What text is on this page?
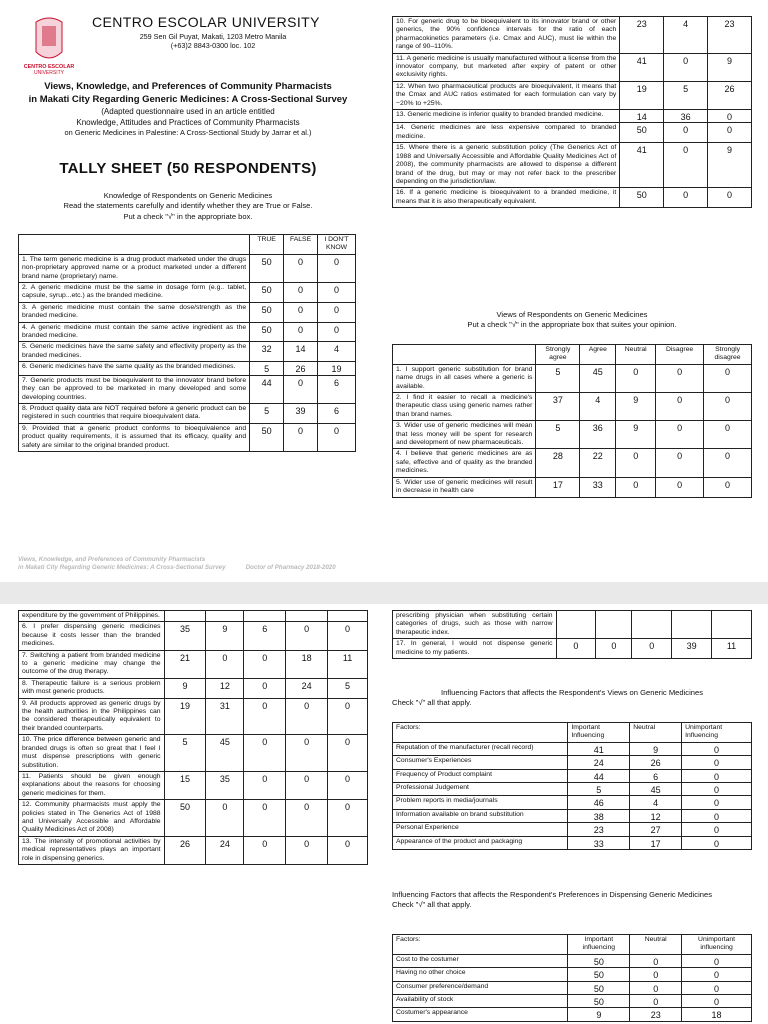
CENTRO ESCOLAR
UNIVERSITY
CENTRO ESCOLAR UNIVERSITY
259 Sen Gil Puyat, Makati, 1203 Metro Manila
(+63)2 8843-0300 loc. 102
Views, Knowledge, and Preferences of Community Pharmacists
in Makati City Regarding Generic Medicines: A Cross-Sectional Survey
(Adapted questionnaire used in an article entitled
Knowledge, Attitudes and Practices of Community Pharmacists
on Generic Medicines in Palestine: A Cross-Sectional Study by Jarrar et al.)
TALLY SHEET (50 RESPONDENTS)
Knowledge of Respondents on Generic Medicines
Read the statements carefully and identify whether they are True or False.
Put a check "√" in the appropriate box.
	TRUE	FALSE	I DON'T KNOW
1. The term generic medicine is a drug product marketed under the drugs non-proprietary approved name or a product marketed under a different brand name (proprietary) name.	50	0	0
2. A generic medicine must be the same in dosage form (e.g.. tablet, capsule, syrup...etc.) as the branded medicine.	50	0	0
3. A generic medicine must contain the same dose/strength as the branded medicine.	50	0	0
4. A generic medicine must contain the same active ingredient as the branded medicine.	50	0	0
5. Generic medicines have the same safety and effectivity property as the branded medicines.	32	14	4
6. Generic medicines have the same quality as the branded medicines.	5	26	19
7. Generic products must be bioequivalent to the innovator brand before they can be approved to be marketed in many developed and some developing countries.	44	0	6
8. Product quality data are NOT required before a generic product can be registered in such countries that require bioequivalent data.	5	39	6
9. Provided that a generic product conforms to bioequivalence and product quality requirements, it is assumed that its efficacy, quality and safety are similar to the original branded product.	50	0	0
10. For generic drug to be bioequivalent to its innovator brand or other generics, the 90% confidence intervals for the ratio of each pharmacokinetics parameters (i.e. Cmax and AUC), must lie within the range of 90–110%.	23	4	23
11. A generic medicine is usually manufactured without a license from the innovator company, but marketed after expiry of patent or other exclusivity rights.	41	0	9
12. When two pharmaceutical products are bioequivalent, it means that the Cmax and AUC ratios estimated for each formulation can vary by −20% to +25%.	19	5	26
13. Generic medicine is inferior quality to branded branded medicine.	14	36	0
14. Generic medicines are less expensive compared to branded medicine.	50	0	0
15. Where there is a generic substitution policy (The Generics Act of 1988 and Universally Accessible and Affordable Quality Medicines Act of 2008), the community pharmacists are allowed to dispense a different brand of the drug, but may or may not refer back to the prescriber depending on the jurisdiction/law.	41	0	9
16. If a generic medicine is bioequivalent to a branded medicine, it means that it is also therapeutically equivalent.	50	0	0
Views of Respondents on Generic Medicines
Put a check "√" in the appropriate box that suites your opinion.
	Strongly agree	Agree	Neutral	Disagree	Strongly disagree
1. I support generic substitution for brand name drugs in all cases where a generic is available.	5	45	0	0	0
2. I find it easier to recall a medicine's therapeutic class using generic names rather than brand names.	37	4	9	0	0
3. Wider use of generic medicines will mean that less money will be spent for research and development of new pharmaceuticals.	5	36	9	0	0
4. I believe that generic medicines are as safe, effective and of quality as the branded medicines.	28	22	0	0	0
5. Wider use of generic medicines will result in decrease in health care	17	33	0	0	0
Views, Knowledge, and Preferences of Community Pharmacists
in Makati City Regarding Generic Medicines: A Cross-Sectional Survey	Doctor of Pharmacy 2018-2020
expenditure by the government of Philippines.					
6. I prefer dispensing generic medicines because it costs lesser than the branded medicines.	35	9	6	0	0
7. Switching a patient from branded medicine to a generic medicine may change the outcome of the drug therapy.	21	0	0	18	11
8. Therapeutic failure is a serious problem with most generic products.	9	12	0	24	5
9. All products approved as generic drugs by the health authorities in the Philippines can be considered therapeutically equivalent to their branded counterparts.	19	31	0	0	0
10. The price difference between generic and branded drugs is often so great that I feel I must dispense prescriptions with generic substitution.	5	45	0	0	0
11. Patients should be given enough explanations about the reasons for choosing generic medicines for them.	15	35	0	0	0
12. Community pharmacists must apply the policies stated in The Generics Act of 1988 and Universally Accessible and Affordable Quality Medicines Act of 2008)	50	0	0	0	0
13. The intensity of promotional activities by medical representatives plays an important role in dispensing generics.	26	24	0	0	0
prescribing physician when substituting certain categories of drugs, such as those with narrow therapeutic index.					
17. In general, I would not dispense generic medicine to my patients.	0	0	0	39	11
Influencing Factors that affects the Respondent's Views on Generic Medicines
Check "√" all that apply.
Factors:	Important Influencing	Neutral	Unimportant Influencing
Reputation of the manufacturer (recall record)	41	9	0
Consumer's Experiences	24	26	0
Frequency of Product complaint	44	6	0
Professional Judgement	5	45	0
Problem reports in media/journals	46	4	0
Information available on brand substitution	38	12	0
Personal Experience	23	27	0
Appearance of the product and packaging	33	17	0
Influencing Factors that affects the Respondent's Preferences in Dispensing Generic Medicines
Check "√" all that apply.
Factors:	Important influencing	Neutral	Unimportant influencing
Cost to the costumer	50	0	0
Having no other choice	50	0	0
Consumer preference/demand	50	0	0
Availability of stock	50	0	0
Costumer's appearance	9	23	18
